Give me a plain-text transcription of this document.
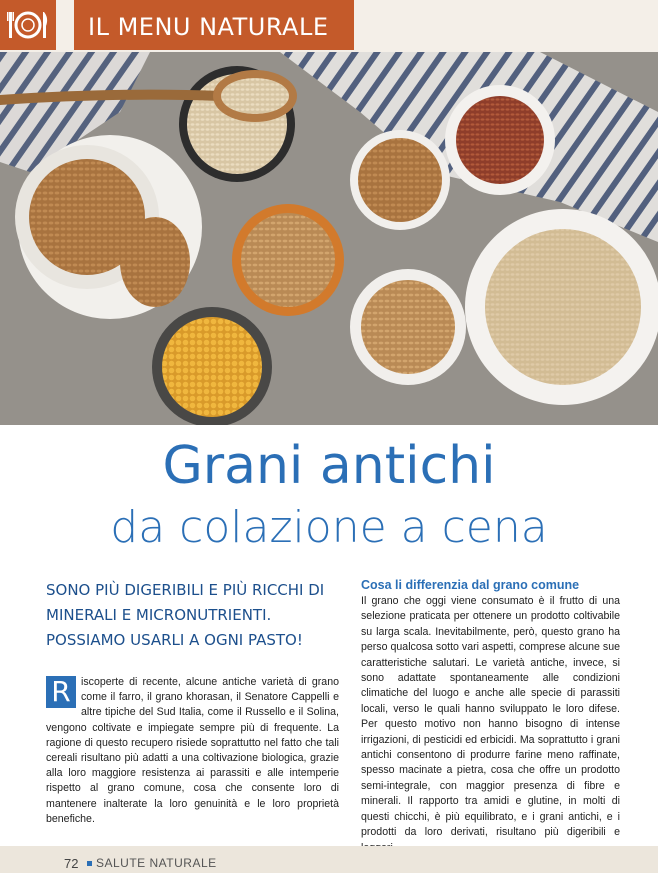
IL MENU NATURALE
Grani antichi
da colazione a cena
SONO PIÙ DIGERIBILI E PIÙ RICCHI DI MINERALI E MICRONUTRIENTI. POSSIAMO USARLI A OGNI PASTO!
R iscoperte di recente, alcune antiche varietà di grano come il farro, il grano khorasan, il Senatore Cappelli e altre tipiche del Sud Italia, come il Russello e il Solina, vengono coltivate e impiegate sempre più di frequente. La ragione di questo recupero risiede soprattutto nel fatto che tali cereali risultano più adatti a una coltivazione biologica, grazie alla loro maggiore resistenza ai parassiti e alle intemperie rispetto al grano comune, cosa che consente loro di mantenere inalterate la loro genuinità e le loro proprietà benefiche.
Cosa li differenzia dal grano comune
Il grano che oggi viene consumato è il frutto di una selezione praticata per ottenere un prodotto coltivabile su larga scala. Inevitabilmente, però, questo grano ha perso qualcosa sotto vari aspetti, comprese alcune sue caratteristiche salutari. Le varietà antiche, invece, si sono adattate spontaneamente alle condizioni climatiche del luogo e anche alle specie di parassiti locali, verso le quali hanno sviluppato le loro difese. Per questo motivo non hanno bisogno di intense irrigazioni, di pesticidi ed erbicidi. Ma soprattutto i grani antichi consentono di produrre farine meno raffinate, spesso macinate a pietra, cosa che offre un prodotto semi-integrale, con maggior presenza di fibre e minerali. Il rapporto tra amidi e glutine, in molti di questi chicchi, è più equilibrato, e i grani antichi, e i prodotti da loro derivati, risultano più digeribili e
72 SALUTE NATURALE
